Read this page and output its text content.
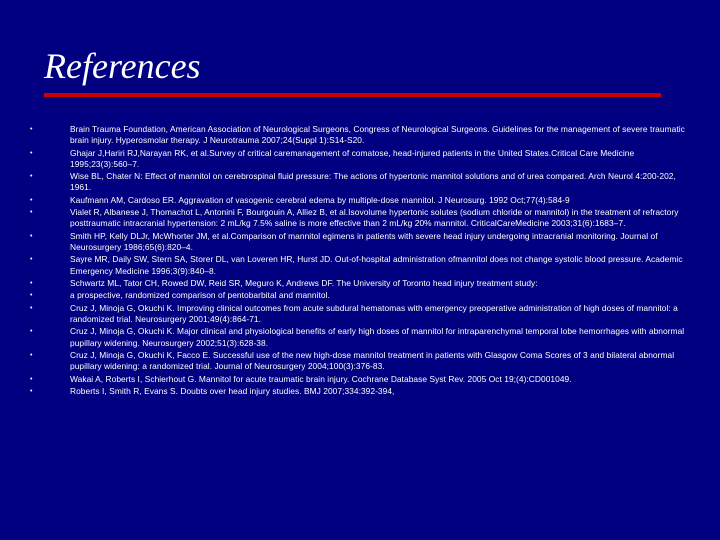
References
•	Brain Trauma Foundation, American Association of Neurological Surgeons, Congress of Neurological Surgeons. Guidelines for the management of severe traumatic brain injury. Hyperosmolar therapy. J Neurotrauma 2007;24(Suppl 1):S14-S20.
•	Ghajar J,Hariri RJ,Narayan RK, et al.Survey of critical caremanagement of comatose, head-injured patients in the United States.Critical Care Medicine 1995;23(3):560–7.
•	Wise BL, Chater N: Effect of mannitol on cerebrospinal fluid pressure: The actions of hypertonic mannitol solutions and of urea compared. Arch Neurol 4:200-202, 1961.
•	Kaufmann AM, Cardoso ER. Aggravation of vasogenic cerebral edema by multiple-dose mannitol. J Neurosurg. 1992 Oct;77(4):584-9
•	Vialet R, Albanese J, Thomachot L, Antonini F, Bourgouin A, Alliez B, et al.Isovolume hypertonic solutes (sodium chloride or mannitol) in the treatment of refractory posttraumatic intracranial hypertension: 2 mL/kg 7.5% saline is more effective than 2 mL/kg 20% mannitol. CriticalCareMedicine 2003;31(6):1683–7.
•	Smith HP, Kelly DLJr, McWhorter JM, et al.Comparison of mannitol egimens in patients with severe head injury undergoing intracranial monitoring. Journal of Neurosurgery 1986;65(6):820–4.
•	Sayre MR, Daily SW, Stern SA, Storer DL, van Loveren HR, Hurst JD. Out-of-hospital administration ofmannitol does not change systolic blood pressure. Academic Emergency Medicine 1996;3(9):840–8.
•	Schwartz ML, Tator CH, Rowed DW, Reid SR, Meguro K, Andrews DF. The University of Toronto head injury treatment study:
•	a prospective, randomized comparison of pentobarbital and mannitol.
•	Cruz J, Minoja G, Okuchi K. Improving clinical outcomes from acute subdural hematomas with emergency preoperative administration of high doses of mannitol: a randomized trial. Neurosurgery 2001;49(4):864-71.
•	Cruz J, Minoja G, Okuchi K. Major clinical and physiological benefits of early high doses of mannitol for intraparenchymal temporal lobe hemorrhages with abnormal pupillary widening. Neurosurgery 2002;51(3):628-38.
•	Cruz J, Minoja G, Okuchi K, Facco E. Successful use of the new high-dose mannitol treatment in patients with Glasgow Coma Scores of 3 and bilateral abnormal pupillary widening: a randomized trial. Journal of Neurosurgery 2004;100(3):376-83.
•	Wakai A, Roberts I, Schierhout G. Mannitol for acute traumatic brain injury. Cochrane Database Syst Rev. 2005 Oct 19;(4):CD001049.
•	Roberts I, Smith R, Evans S. Doubts over head injury studies. BMJ 2007;334:392-394,
